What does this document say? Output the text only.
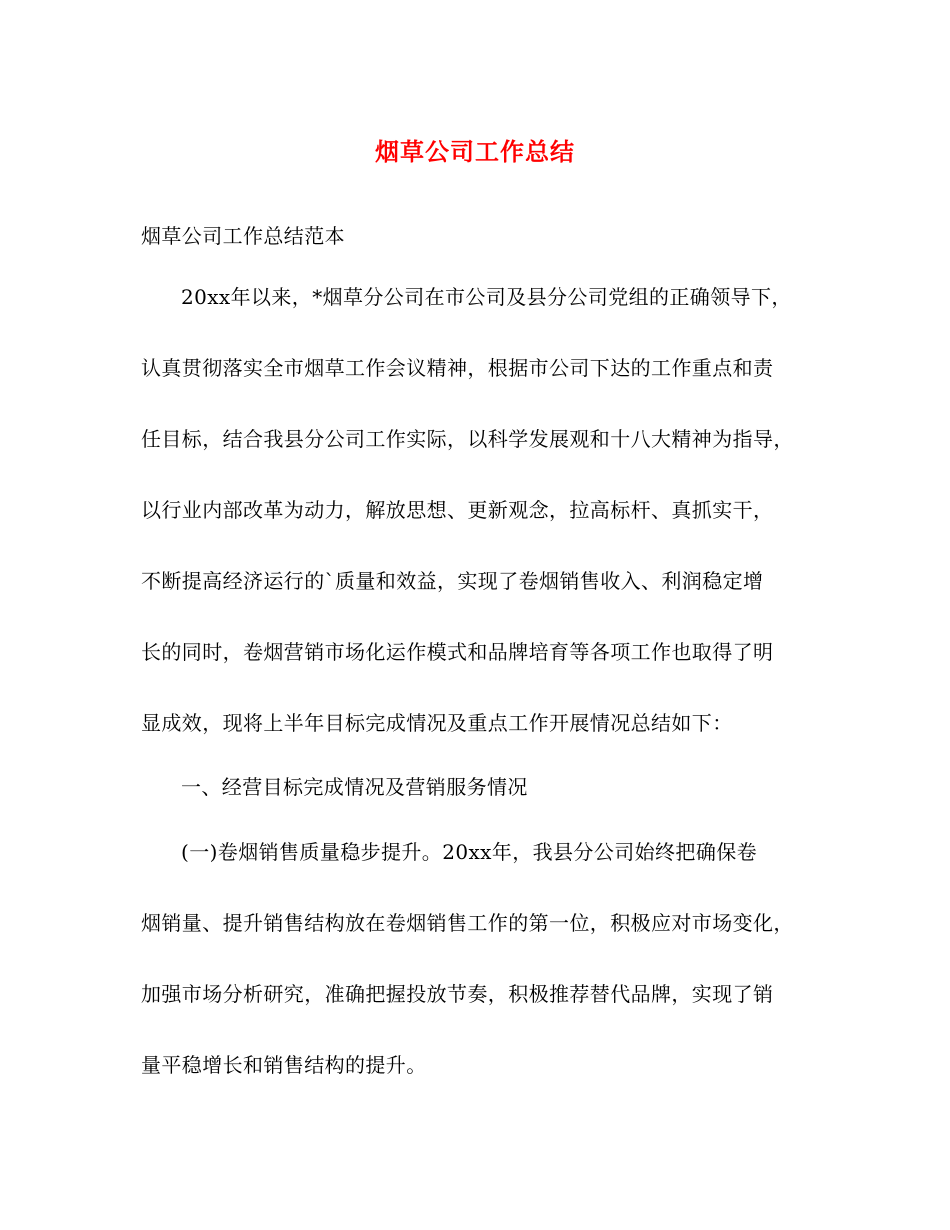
烟草公司工作总结
烟草公司工作总结范本
20xx年以来，*烟草分公司在市公司及县分公司党组的正确领导下，
认真贯彻落实全市烟草工作会议精神，根据市公司下达的工作重点和责
任目标，结合我县分公司工作实际，以科学发展观和十八大精神为指导，
以行业内部改革为动力，解放思想、更新观念，拉高标杆、真抓实干，
不断提高经济运行的`质量和效益，实现了卷烟销售收入、利润稳定增
长的同时，卷烟营销市场化运作模式和品牌培育等各项工作也取得了明
显成效，现将上半年目标完成情况及重点工作开展情况总结如下：
一、经营目标完成情况及营销服务情况
(一)卷烟销售质量稳步提升。20xx年，我县分公司始终把确保卷
烟销量、提升销售结构放在卷烟销售工作的第一位，积极应对市场变化，
加强市场分析研究，准确把握投放节奏，积极推荐替代品牌，实现了销
量平稳增长和销售结构的提升。
